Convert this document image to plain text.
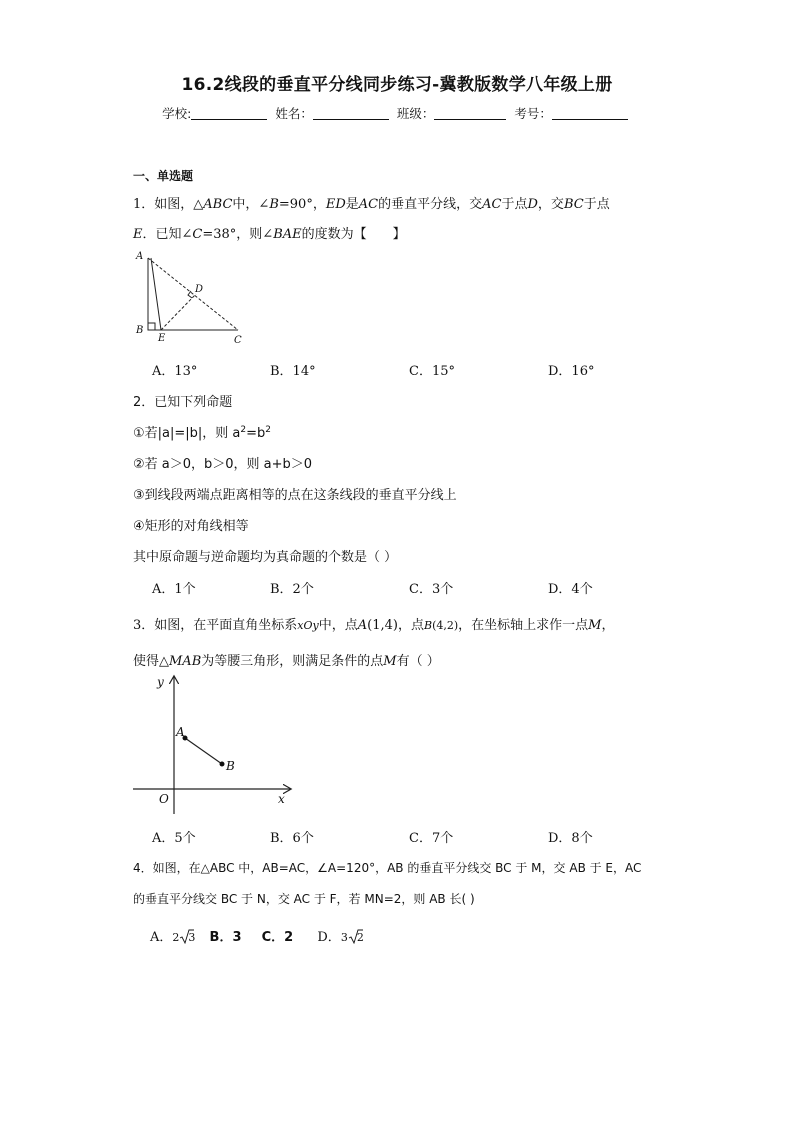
16.2线段的垂直平分线同步练习-冀教版数学八年级上册
学校:	姓名：	班级：	考号：
一、单选题
1．如图，△ABC中，∠B=90°，ED是AC的垂直平分线，交AC于点D，交BC于点
E．已知∠C=38°，则∠BAE的度数为【　　】
A
B
C
D
E
A．13°	B．14°	C．15°	D．16°
2．已知下列命题
①若|a|=|b|，则 $a^2=b^2$
②若 a＞0，b＞0，则 a+b＞0
③到线段两端点距离相等的点在这条线段的垂直平分线上
④矩形的对角线相等
其中原命题与逆命题均为真命题的个数是（ ）
A．1个	B．2个	C．3个	D．4个
3．如图，在平面直角坐标系xOy中，点A(1,4)，点B(4,2)，在坐标轴上求作一点M，
使得△MAB为等腰三角形，则满足条件的点M有（ ）
y
x
O
A
B
A．5个	B．6个	C．7个	D．8个
4．如图，在△ABC 中，AB=AC，∠A=120°，AB 的垂直平分线交 BC 于 M，交 AB 于 E，AC
的垂直平分线交 BC 于 N，交 AC 于 F，若 MN=2，则 AB 长( )
A．2 3 B．3 C．2 D．3 2
